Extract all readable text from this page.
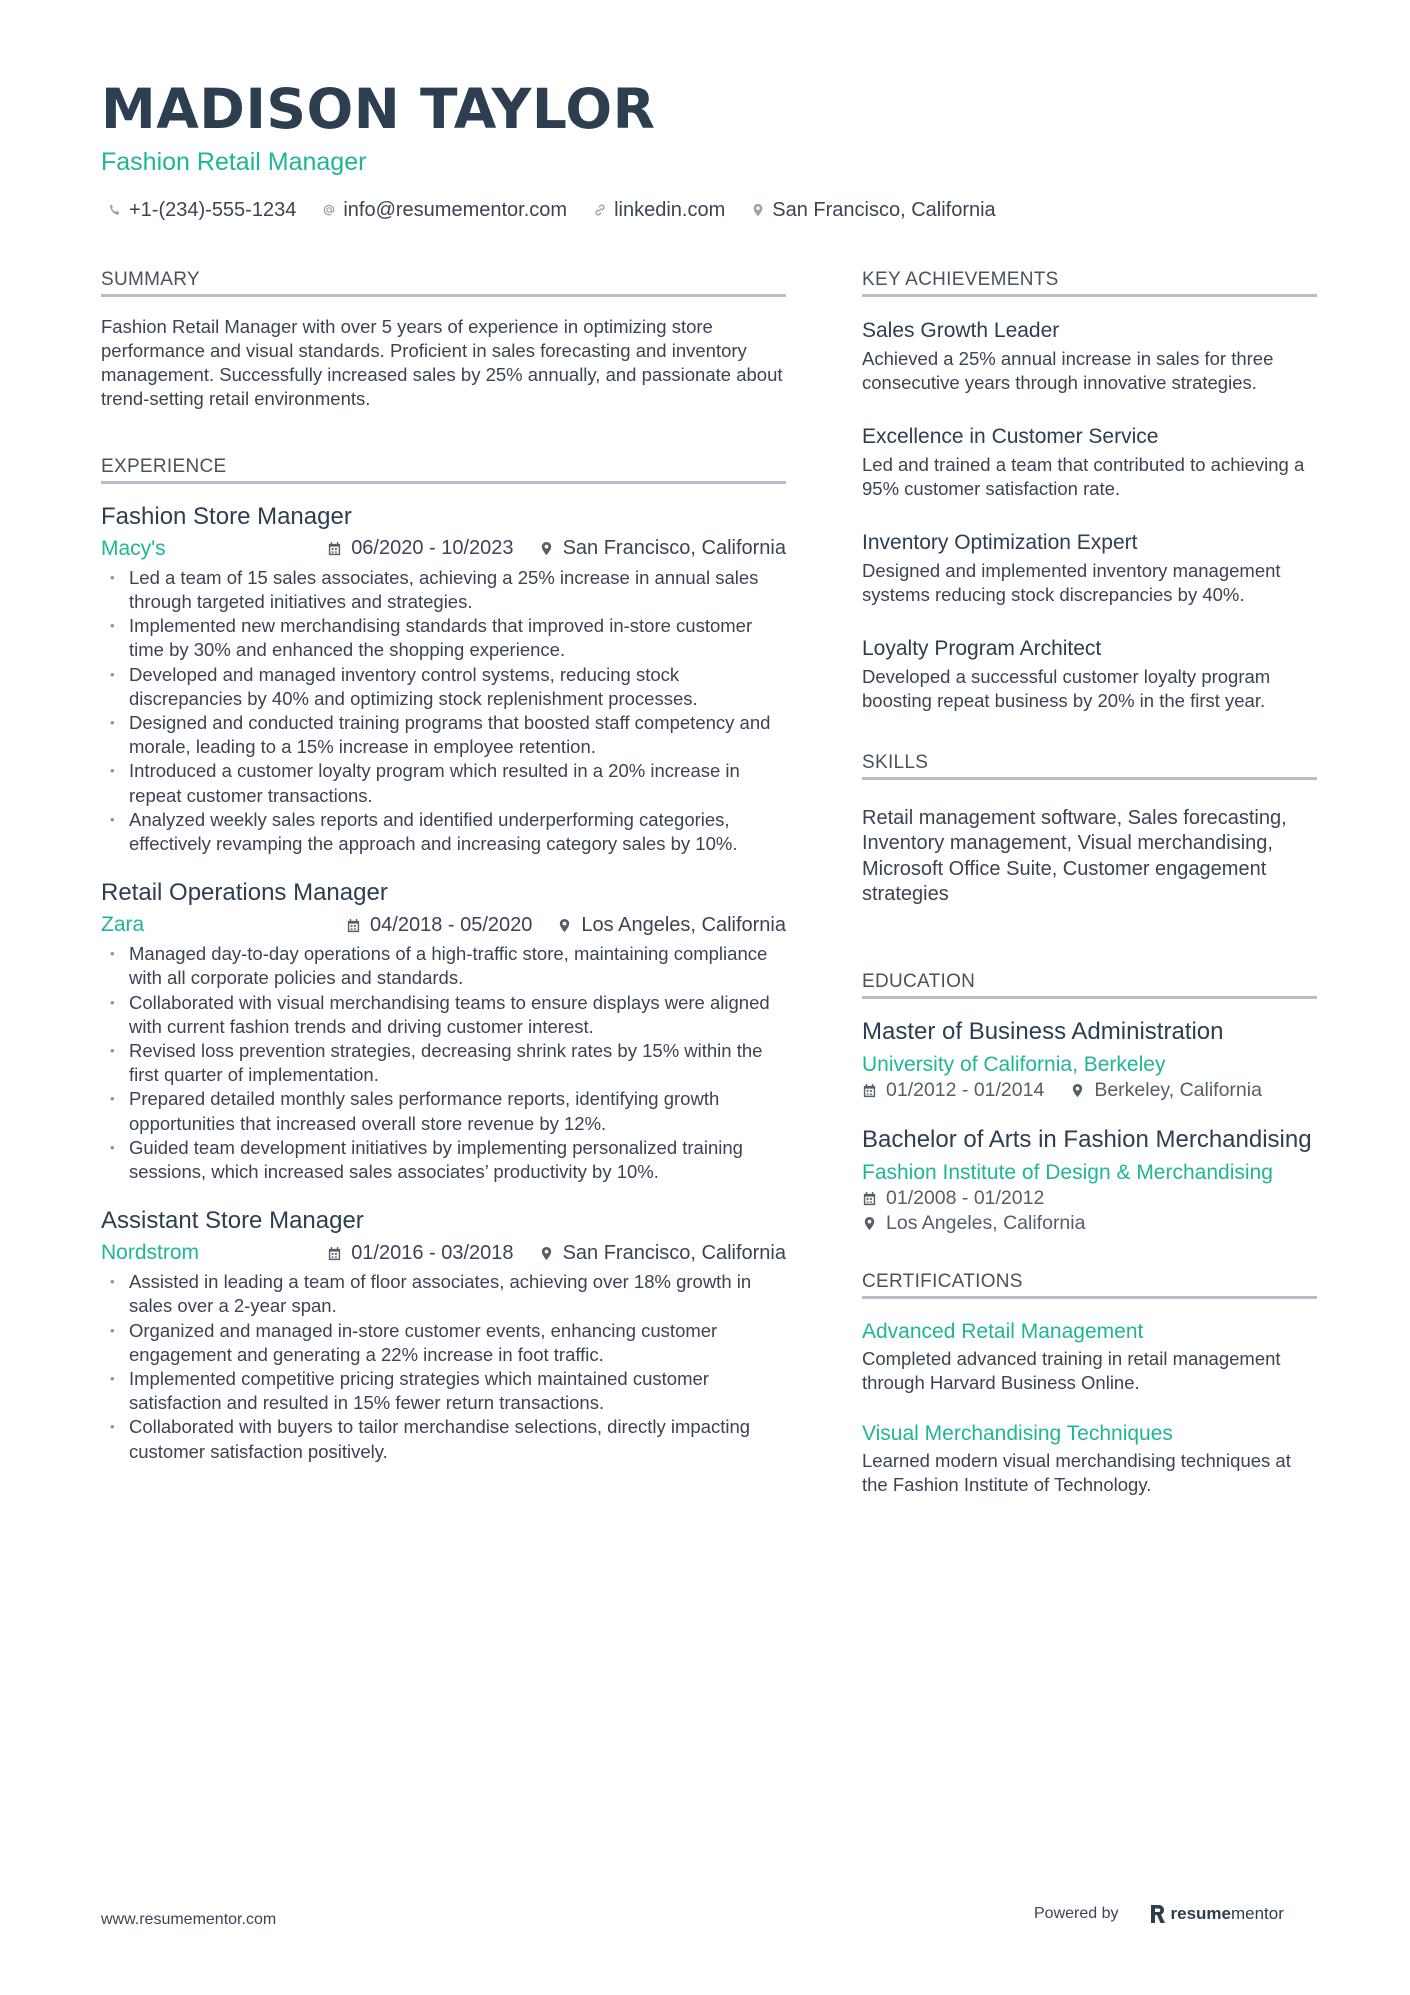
MADISON TAYLOR
Fashion Retail Manager
+1-(234)-555-1234 info@resumementor.com linkedin.com San Francisco, California
SUMMARY
Fashion Retail Manager with over 5 years of experience in optimizing store performance and visual standards. Proficient in sales forecasting and inventory management. Successfully increased sales by 25% annually, and passionate about trend-setting retail environments.
EXPERIENCE
Fashion Store Manager
Macy's	06/2020 - 10/2023 San Francisco, California
• Led a team of 15 sales associates, achieving a 25% increase in annual sales through targeted initiatives and strategies.
• Implemented new merchandising standards that improved in-store customer time by 30% and enhanced the shopping experience.
• Developed and managed inventory control systems, reducing stock discrepancies by 40% and optimizing stock replenishment processes.
• Designed and conducted training programs that boosted staff competency and morale, leading to a 15% increase in employee retention.
• Introduced a customer loyalty program which resulted in a 20% increase in repeat customer transactions.
• Analyzed weekly sales reports and identified underperforming categories, effectively revamping the approach and increasing category sales by 10%.
Retail Operations Manager
Zara	04/2018 - 05/2020 Los Angeles, California
• Managed day-to-day operations of a high-traffic store, maintaining compliance with all corporate policies and standards.
• Collaborated with visual merchandising teams to ensure displays were aligned with current fashion trends and driving customer interest.
• Revised loss prevention strategies, decreasing shrink rates by 15% within the first quarter of implementation.
• Prepared detailed monthly sales performance reports, identifying growth opportunities that increased overall store revenue by 12%.
• Guided team development initiatives by implementing personalized training sessions, which increased sales associates’ productivity by 10%.
Assistant Store Manager
Nordstrom	01/2016 - 03/2018 San Francisco, California
• Assisted in leading a team of floor associates, achieving over 18% growth in sales over a 2-year span.
• Organized and managed in-store customer events, enhancing customer engagement and generating a 22% increase in foot traffic.
• Implemented competitive pricing strategies which maintained customer satisfaction and resulted in 15% fewer return transactions.
• Collaborated with buyers to tailor merchandise selections, directly impacting customer satisfaction positively.
KEY ACHIEVEMENTS
Sales Growth Leader
Achieved a 25% annual increase in sales for three consecutive years through innovative strategies.
Excellence in Customer Service
Led and trained a team that contributed to achieving a 95% customer satisfaction rate.
Inventory Optimization Expert
Designed and implemented inventory management systems reducing stock discrepancies by 40%.
Loyalty Program Architect
Developed a successful customer loyalty program boosting repeat business by 20% in the first year.
SKILLS
Retail management software, Sales forecasting, Inventory management, Visual merchandising, Microsoft Office Suite, Customer engagement strategies
EDUCATION
Master of Business Administration
University of California, Berkeley
01/2012 - 01/2014	Berkeley, California
Bachelor of Arts in Fashion Merchandising
Fashion Institute of Design & Merchandising
01/2008 - 01/2012
Los Angeles, California
CERTIFICATIONS
Advanced Retail Management
Completed advanced training in retail management through Harvard Business Online.
Visual Merchandising Techniques
Learned modern visual merchandising techniques at the Fashion Institute of Technology.
www.resumementor.com	Powered by	resume mentor
